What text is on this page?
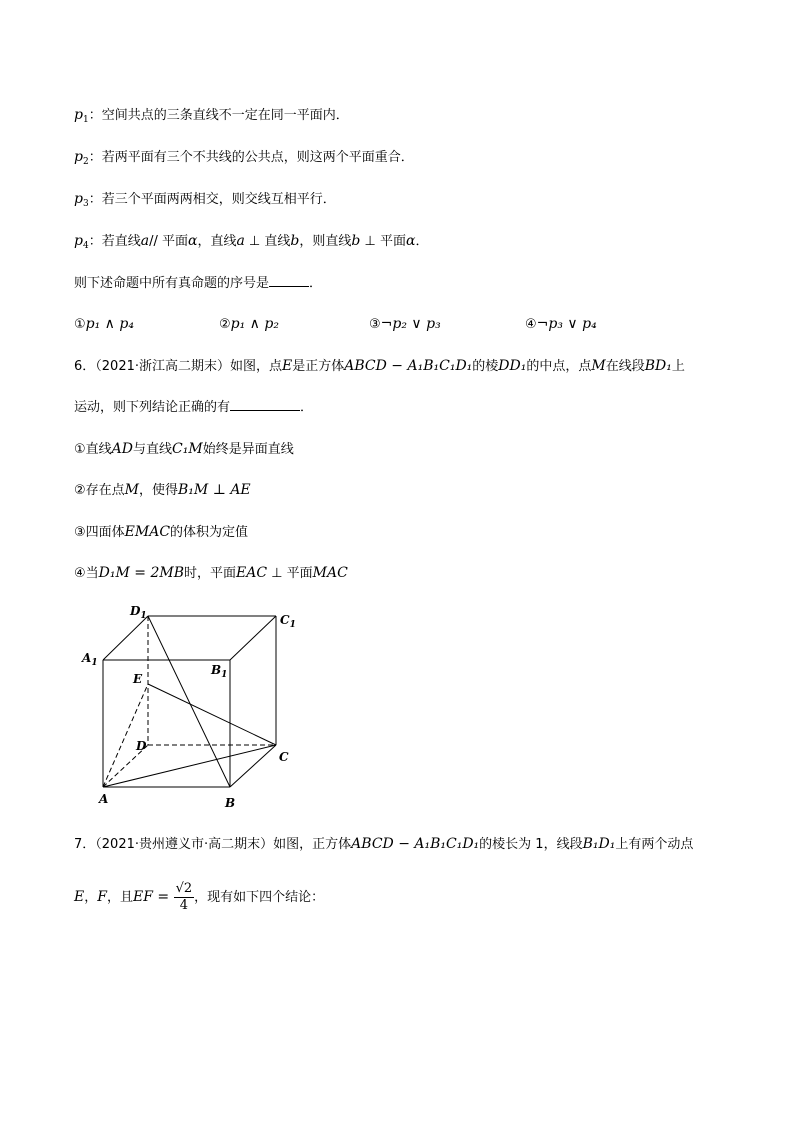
$p_1$：空间共点的三条直线不一定在同一平面内．
$p_2$：若两平面有三个不共线的公共点，则这两个平面重合．
$p_3$：若三个平面两两相交，则交线互相平行．
$p_4$：若直线a// 平面α，直线a ⊥ 直线b，则直线b ⊥ 平面α．
则下述命题中所有真命题的序号是	．
①p₁ ∧ p₄	②p₁ ∧ p₂	③¬p₂ ∨ p₃	④¬p₃ ∨ p₄
6．（2021·浙江高二期末）如图，点E是正方体ABCD − A₁B₁C₁D₁的棱DD₁的中点，点M在线段BD₁上
运动，则下列结论正确的有	．
①直线AD与直线C₁M始终是异面直线
②存在点M，使得B₁M ⊥ AE
③四面体EMAC的体积为定值
④当D₁M = 2MB时，平面EAC ⊥ 平面MAC
$D_1$	$C_1$
$A_1$	$B_1$
E
D
C
A	B
7．（2021·贵州遵义市·高二期末）如图，正方体ABCD − A₁B₁C₁D₁的棱长为 1，线段B₁D₁上有两个动点
E，F，且EF = $\frac{√2}{4}$ ，现有如下四个结论：
